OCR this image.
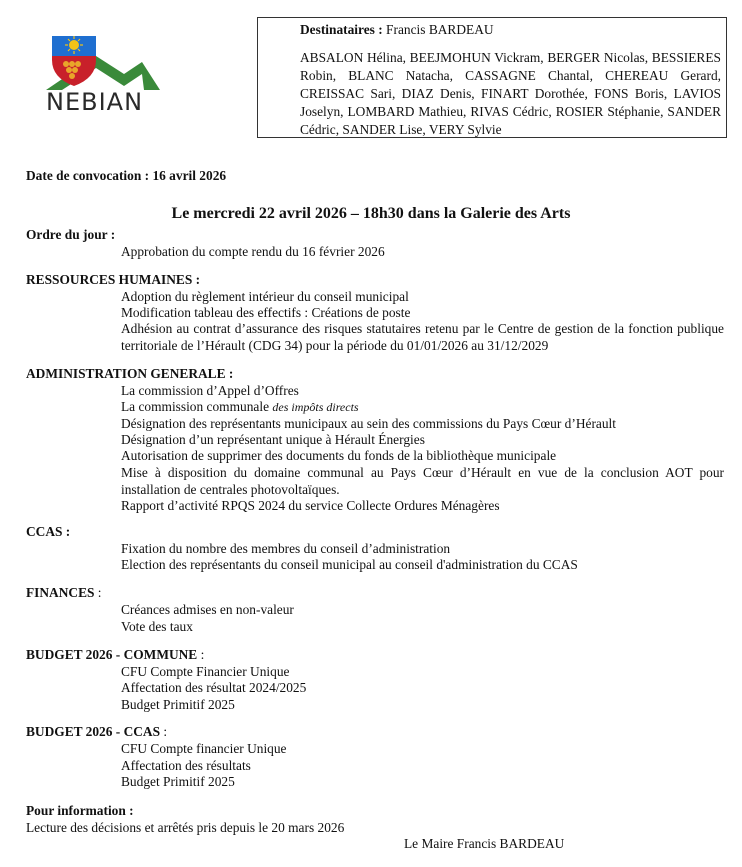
NEBIAN

Destinataires : Francis BARDEAU

ABSALON Hélina, BEEJMOHUN Vickram, BERGER Nicolas, BESSIERES Robin, BLANC Natacha, CASSAGNE Chantal, CHEREAU Gerard, CREISSAC Sari, DIAZ Denis, FINART Dorothée, FONS Boris, LAVIOS Joselyn, LOMBARD Mathieu, RIVAS Cédric, ROSIER Stéphanie, SANDER Cédric, SANDER Lise, VERY Sylvie

Date de convocation : 16 avril 2026
Le mercredi 22 avril 2026 – 18h30 dans la Galerie des Arts
Ordre du jour :
Approbation du compte rendu du 16 février 2026
RESSOURCES HUMAINES :
Adoption du règlement intérieur du conseil municipal
Modification tableau des effectifs : Créations de poste
Adhésion au contrat d’assurance des risques statutaires retenu par le Centre de gestion de la fonction publique territoriale de l’Hérault (CDG 34) pour la période du 01/01/2026 au 31/12/2029
ADMINISTRATION GENERALE :
La commission d’Appel d’Offres
La commission communale des impôts directs
Désignation des représentants municipaux au sein des commissions du Pays Cœur d’Hérault
Désignation d’un représentant unique à Hérault Énergies
Autorisation de supprimer des documents du fonds de la bibliothèque municipale
Mise à disposition du domaine communal au Pays Cœur d’Hérault en vue de la conclusion AOT pour installation de centrales photovoltaïques.
Rapport d’activité RPQS 2024 du service Collecte Ordures Ménagères
CCAS :
Fixation du nombre des membres du conseil d’administration
Election des représentants du conseil municipal au conseil d'administration du CCAS
FINANCES :
Créances admises en non-valeur
Vote des taux
BUDGET 2026 - COMMUNE :
CFU Compte Financier Unique
Affectation des résultat 2024/2025
Budget Primitif 2025
BUDGET 2026 - CCAS :
CFU Compte financier Unique
Affectation des résultats
Budget Primitif 2025
Pour information :
Lecture des décisions et arrêtés pris depuis le 20 mars 2026
Le Maire Francis BARDEAU
